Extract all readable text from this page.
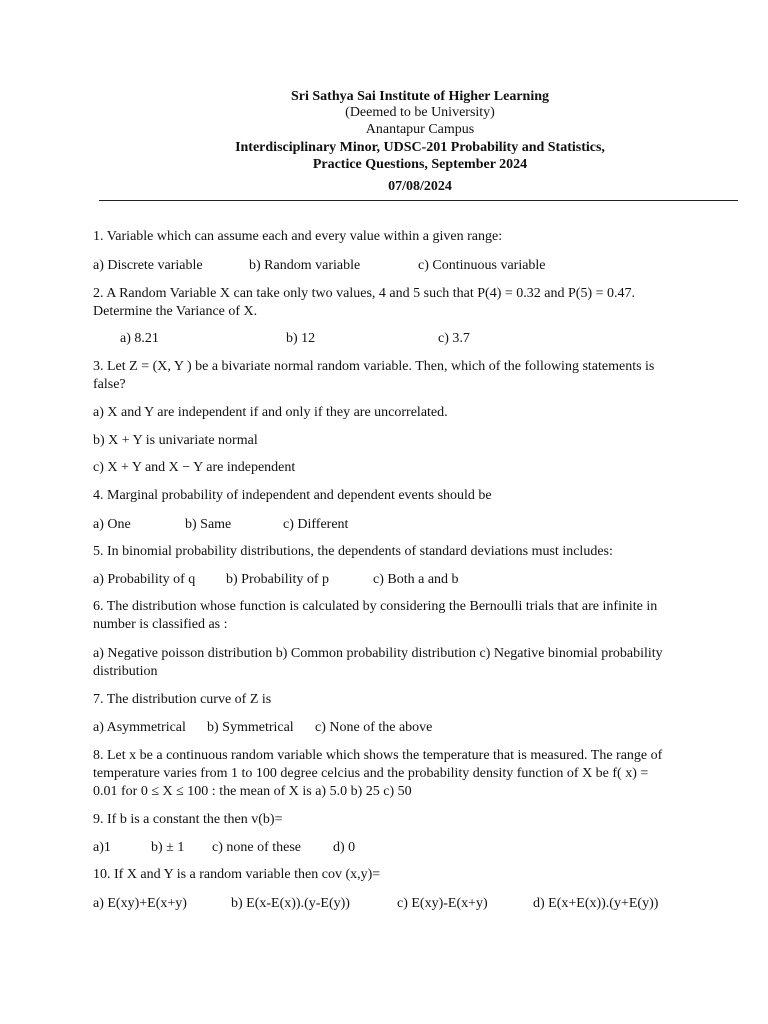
Sri Sathya Sai Institute of Higher Learning
(Deemed to be University)
Anantapur Campus
Interdisciplinary Minor, UDSC-201 Probability and Statistics,
Practice Questions, September 2024
07/08/2024
1. Variable which can assume each and every value within a given range:
a) Discrete variable	b) Random variable	c) Continuous variable
2. A Random Variable X can take only two values, 4 and 5 such that P(4) = 0.32 and P(5) = 0.47. Determine the Variance of X.
a) 8.21	b) 12	c) 3.7
3. Let Z = (X, Y ) be a bivariate normal random variable. Then, which of the following statements is false?
a) X and Y are independent if and only if they are uncorrelated.
b) X + Y is univariate normal
c) X + Y and X − Y are independent
4. Marginal probability of independent and dependent events should be
a) One	b) Same	c) Different
5. In binomial probability distributions, the dependents of standard deviations must includes:
a) Probability of q b) Probability of p	c) Both a and b
6. The distribution whose function is calculated by considering the Bernoulli trials that are infinite in number is classified as :
a) Negative poisson distribution b) Common probability distribution c) Negative binomial probability distribution
7. The distribution curve of Z is
a) Asymmetrical b) Symmetrical c) None of the above
8. Let x be a continuous random variable which shows the temperature that is measured. The range of temperature varies from 1 to 100 degree celcius and the probability density function of X be f( x) = 0.01 for 0 ≤ X ≤ 100 : the mean of X is a) 5.0 b) 25 c) 50
9. If b is a constant the then v(b)=
a)1	b) ± 1 c) none of these d) 0
10. If X and Y is a random variable then cov (x,y)=
a) E(xy)+E(x+y)	b) E(x-E(x)).(y-E(y))	c) E(xy)-E(x+y)	d) E(x+E(x)).(y+E(y))
